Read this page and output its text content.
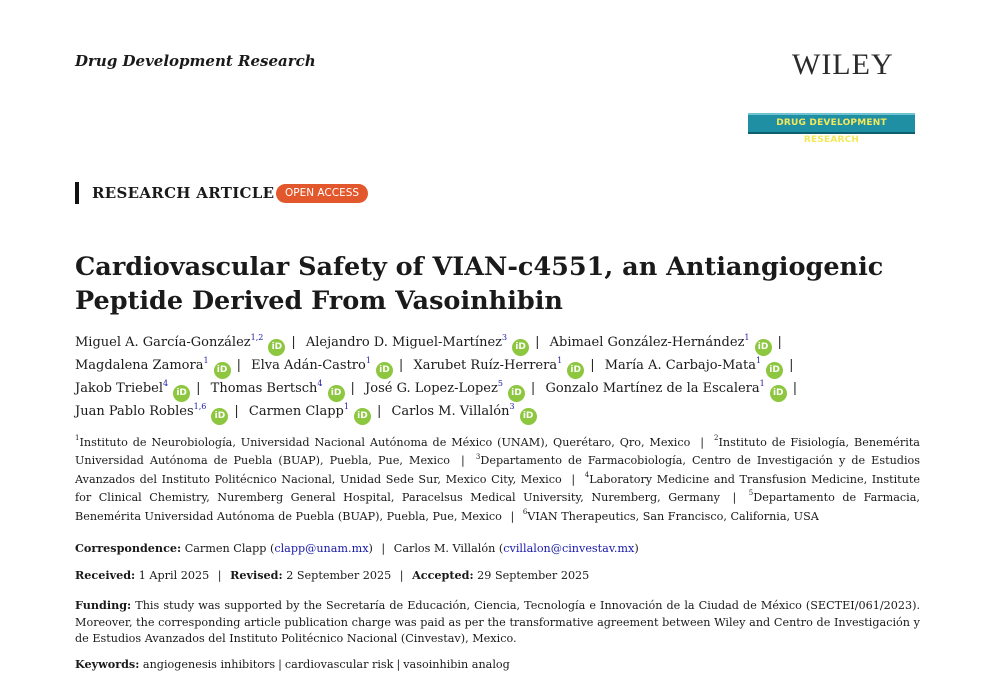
Drug Development Research	WILEY
DRUG DEVELOPMENT RESEARCH
RESEARCH ARTICLE	OPEN ACCESS
Cardiovascular Safety of VIAN-c4551, an Antiangiogenic Peptide Derived From Vasoinhibin
Miguel A. García-González$^{1,2}$iD | Alejandro D. Miguel-Martínez$^3$iD | Abimael González-Hernández$^1$iD | Magdalena Zamora$^1$iD | Elva Adán-Castro$^1$iD | Xarubet Ruíz-Herrera$^1$iD | María A. Carbajo-Mata$^1$iD | Jakob Triebel$^4$iD | Thomas Bertsch$^4$iD | José G. Lopez-Lopez$^5$iD | Gonzalo Martínez de la Escalera$^1$iD | Juan Pablo Robles$^{1,6}$iD | Carmen Clapp$^1$iD | Carlos M. Villalón$^3$iD
$^1$Instituto de Neurobiología, Universidad Nacional Autónoma de México (UNAM), Querétaro, Qro, Mexico | $^2$Instituto de Fisiología, Benemérita Universidad Autónoma de Puebla (BUAP), Puebla, Pue, Mexico | $^3$Departamento de Farmacobiología, Centro de Investigación y de Estudios Avanzados del Instituto Politécnico Nacional, Unidad Sede Sur, Mexico City, Mexico | $^4$Laboratory Medicine and Transfusion Medicine, Institute for Clinical Chemistry, Nuremberg General Hospital, Paracelsus Medical University, Nuremberg, Germany | $^5$Departamento de Farmacia, Benemérita Universidad Autónoma de Puebla (BUAP), Puebla, Pue, Mexico | $^6$VIAN Therapeutics, San Francisco, California, USA
Correspondence: Carmen Clapp (clapp@unam.mx) | Carlos M. Villalón (cvillalon@cinvestav.mx)
Received: 1 April 2025 | Revised: 2 September 2025 | Accepted: 29 September 2025
Funding: This study was supported by the Secretaría de Educación, Ciencia, Tecnología e Innovación de la Ciudad de México (SECTEI/061/2023). Moreover, the corresponding article publication charge was paid as per the transformative agreement between Wiley and Centro de Investigación y de Estudios Avanzados del Instituto Politécnico Nacional (Cinvestav), Mexico.
Keywords: angiogenesis inhibitors | cardiovascular risk | vasoinhibin analog
